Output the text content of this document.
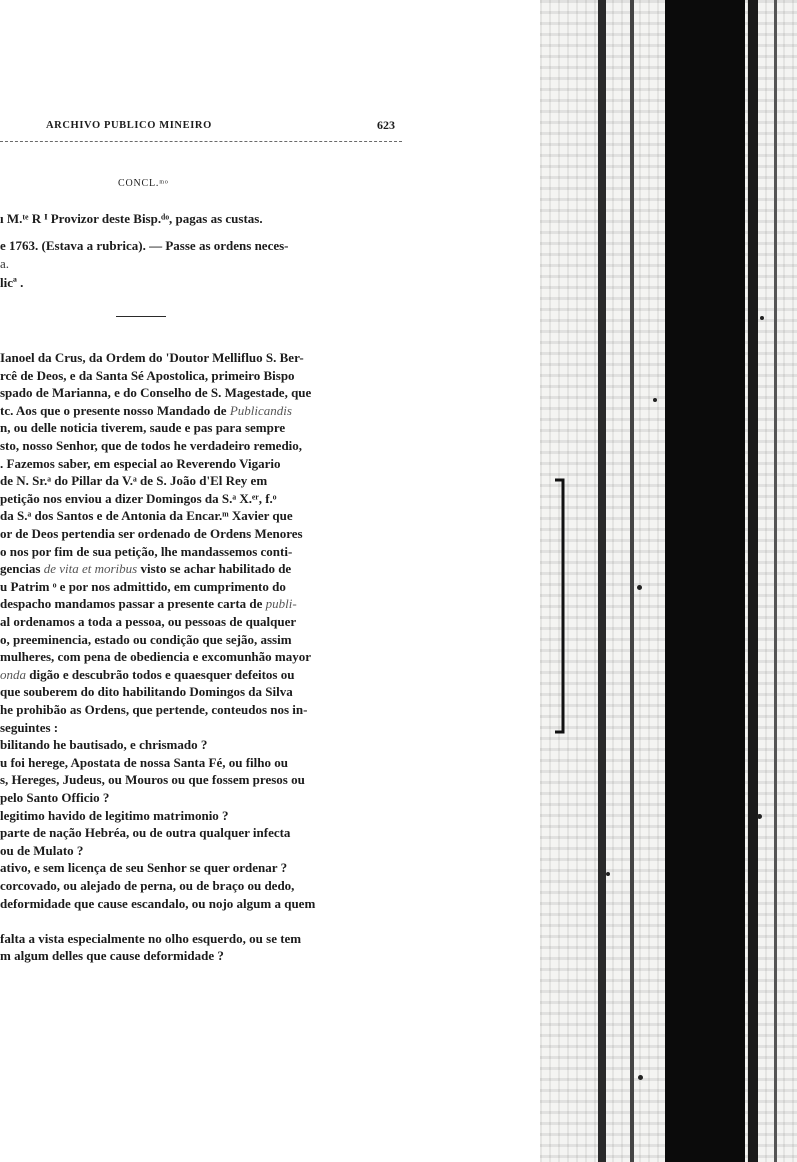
ARCHIVO PUBLICO MINEIRO	623
CONCL.ᵐᵒ
ı M.ᵗᵉ R ᴵ Provizor deste Bisp.ᵈᵒ, pagas as custas.
e 1763. (Estava a rubrica). — Passe as ordens neces-
a.
licª .
Ianoel da Crus, da Ordem do 'Doutor Mellifluo S. Ber-
rcê de Deos, e da Santa Sé Apostolica, primeiro Bispo
spado de Marianna, e do Conselho de S. Magestade, que
tc. Aos que o presente nosso Mandado de Publicandis
n, ou delle noticia tiverem, saude e pas para sempre
sto, nosso Senhor, que de todos he verdadeiro remedio,
. Fazemos saber, em especial ao Reverendo Vigario
de N. Sr.ᵃ do Pillar da V.ᵃ de S. João d'El Rey em
petição nos enviou a dizer Domingos da S.ᵃ X.ᵉʳ, f.ᵒ
da S.ᵃ dos Santos e de Antonia da Encar.ᵐ Xavier que
or de Deos pertendia ser ordenado de Ordens Menores
o nos por fim de sua petição, lhe mandassemos conti-
gencias de vita et moribus visto se achar habilitado de
u Patrim ᵒ e por nos admittido, em cumprimento do
despacho mandamos passar a presente carta de publi-
al ordenamos a toda a pessoa, ou pessoas de qualquer
o, preeminencia, estado ou condição que sejão, assim
mulheres, com pena de obediencia e excomunhão mayor
onda digão e descubrão todos e quaesquer defeitos ou
que souberem do dito habilitando Domingos da Silva
he prohibão as Ordens, que pertende, conteudos nos in-
seguintes :
bilitando he bautisado, e chrismado ?
u foi herege, Apostata de nossa Santa Fé, ou filho ou
s, Hereges, Judeus, ou Mouros ou que fossem presos ou
pelo Santo Officio ?
legitimo havido de legitimo matrimonio ?
parte de nação Hebréa, ou de outra qualquer infecta
ou de Mulato ?
ativo, e sem licença de seu Senhor se quer ordenar ?
corcovado, ou alejado de perna, ou de braço ou dedo,
deformidade que cause escandalo, ou nojo algum a quem
falta a vista especialmente no olho esquerdo, ou se tem
m algum delles que cause deformidade ?
